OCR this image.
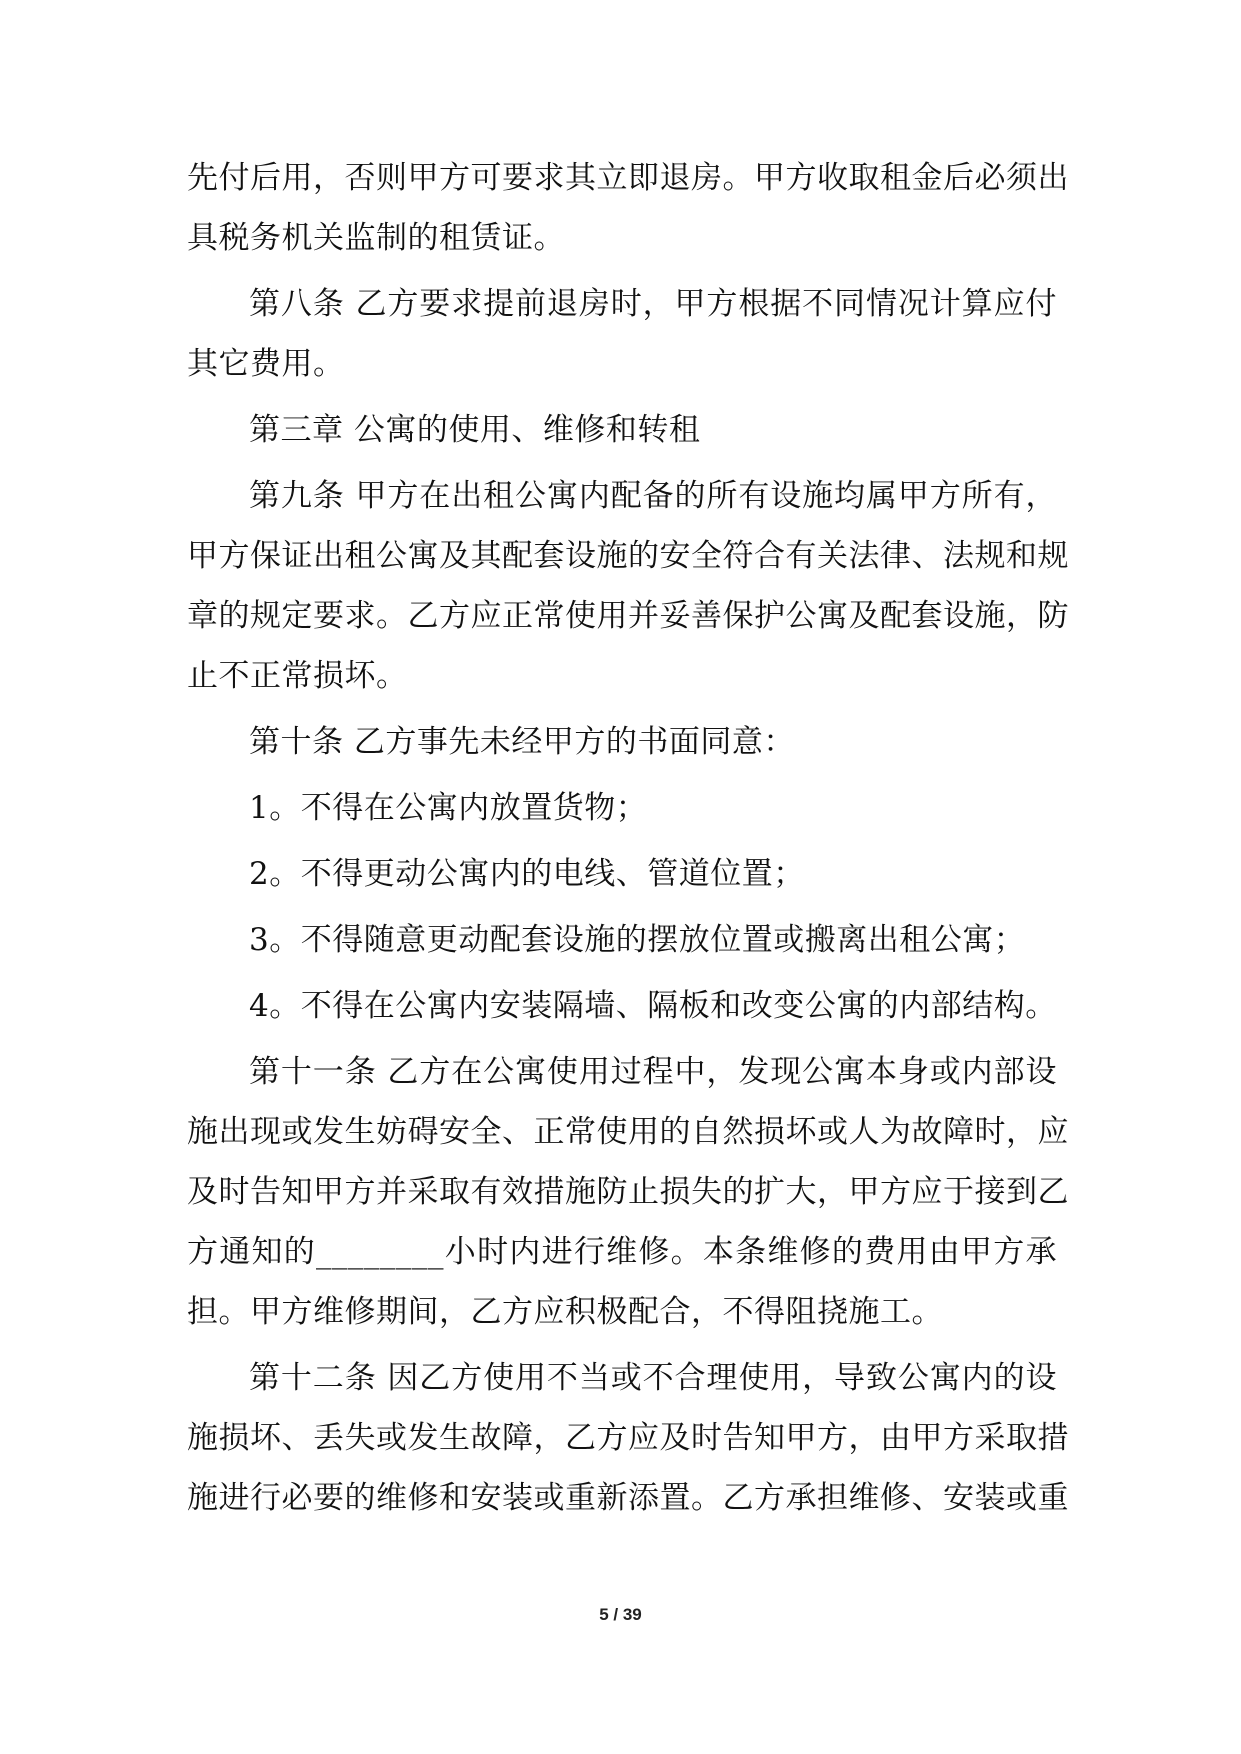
先付后用，否则甲方可要求其立即退房。甲方收取租金后必须出
具税务机关监制的租赁证。
第八条 乙方要求提前退房时，甲方根据不同情况计算应付
其它费用。
第三章 公寓的使用、维修和转租
第九条 甲方在出租公寓内配备的所有设施均属甲方所有，
甲方保证出租公寓及其配套设施的安全符合有关法律、法规和规
章的规定要求。乙方应正常使用并妥善保护公寓及配套设施，防
止不正常损坏。
第十条 乙方事先未经甲方的书面同意：
1。不得在公寓内放置货物；
2。不得更动公寓内的电线、管道位置；
3。不得随意更动配套设施的摆放位置或搬离出租公寓；
4。不得在公寓内安装隔墙、隔板和改变公寓的内部结构。
第十一条 乙方在公寓使用过程中，发现公寓本身或内部设
施出现或发生妨碍安全、正常使用的自然损坏或人为故障时，应
及时告知甲方并采取有效措施防止损失的扩大，甲方应于接到乙
方通知的________小时内进行维修。本条维修的费用由甲方承
担。甲方维修期间，乙方应积极配合，不得阻挠施工。
第十二条 因乙方使用不当或不合理使用，导致公寓内的设
施损坏、丢失或发生故障，乙方应及时告知甲方，由甲方采取措
施进行必要的维修和安装或重新添置。乙方承担维修、安装或重
5 / 39
